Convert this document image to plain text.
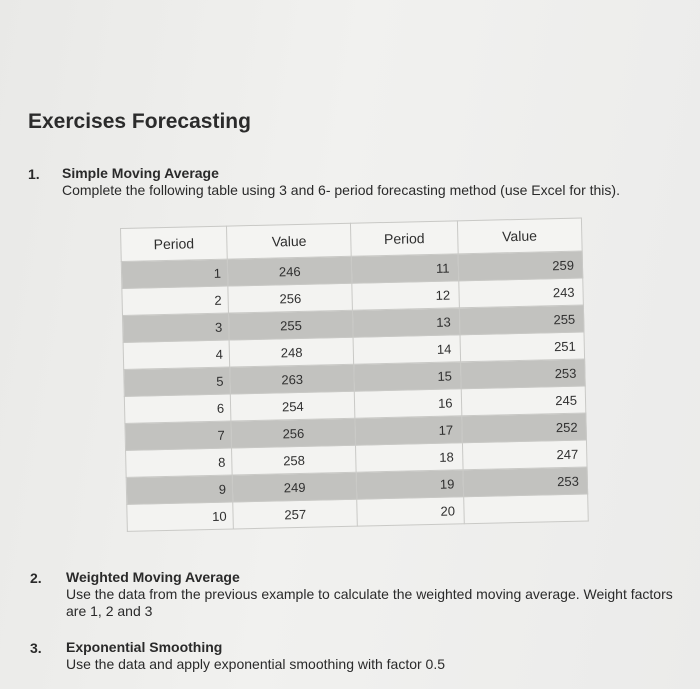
Exercises Forecasting
1. Simple Moving Average
Complete the following table using 3 and 6- period forecasting method (use Excel for this).
Period	Value	Period	Value
1	246	11	259
2	256	12	243
3	255	13	255
4	248	14	251
5	263	15	253
6	254	16	245
7	256	17	252
8	258	18	247
9	249	19	253
10	257	20	
2. Weighted Moving Average
Use the data from the previous example to calculate the weighted moving average. Weight factors are 1, 2 and 3
3. Exponential Smoothing
Use the data and apply exponential smoothing with factor 0.5
